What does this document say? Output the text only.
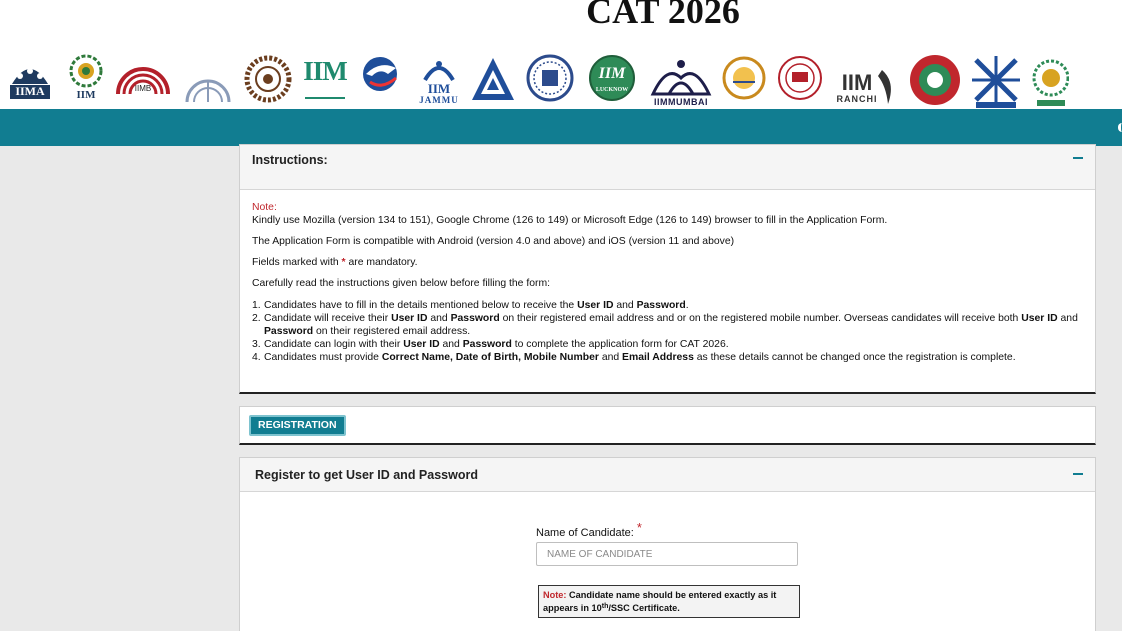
CAT 2026
IIMA	IIM
IIMB
IIM
IIM
JAMMU
IIM
LUCKNOW
IIMMUMBAI
IIM
RANCHI
Instructions:

Note:

Kindly use Mozilla (version 134 to 151), Google Chrome (126 to 149) or Microsoft Edge (126 to 149) browser to fill in the Application Form.

The Application Form is compatible with Android (version 4.0 and above) and iOS (version 11 and above)

Fields marked with * are mandatory.

Carefully read the instructions given below before filling the form:

1. Candidates have to fill in the details mentioned below to receive the User ID and Password.
2. Candidate will receive their User ID and Password on their registered email address and or on the registered mobile number. Overseas candidates will receive both User ID and Password on their registered email address.
3. Candidate can login with their User ID and Password to complete the application form for CAT 2026.
4. Candidates must provide Correct Name, Date of Birth, Mobile Number and Email Address as these details cannot be changed once the registration is complete.
REGISTRATION
Register to get User ID and Password
Name of Candidate: *
NAME OF CANDIDATE
Note: Candidate name should be entered exactly as it appears in 10th/SSC Certificate.
